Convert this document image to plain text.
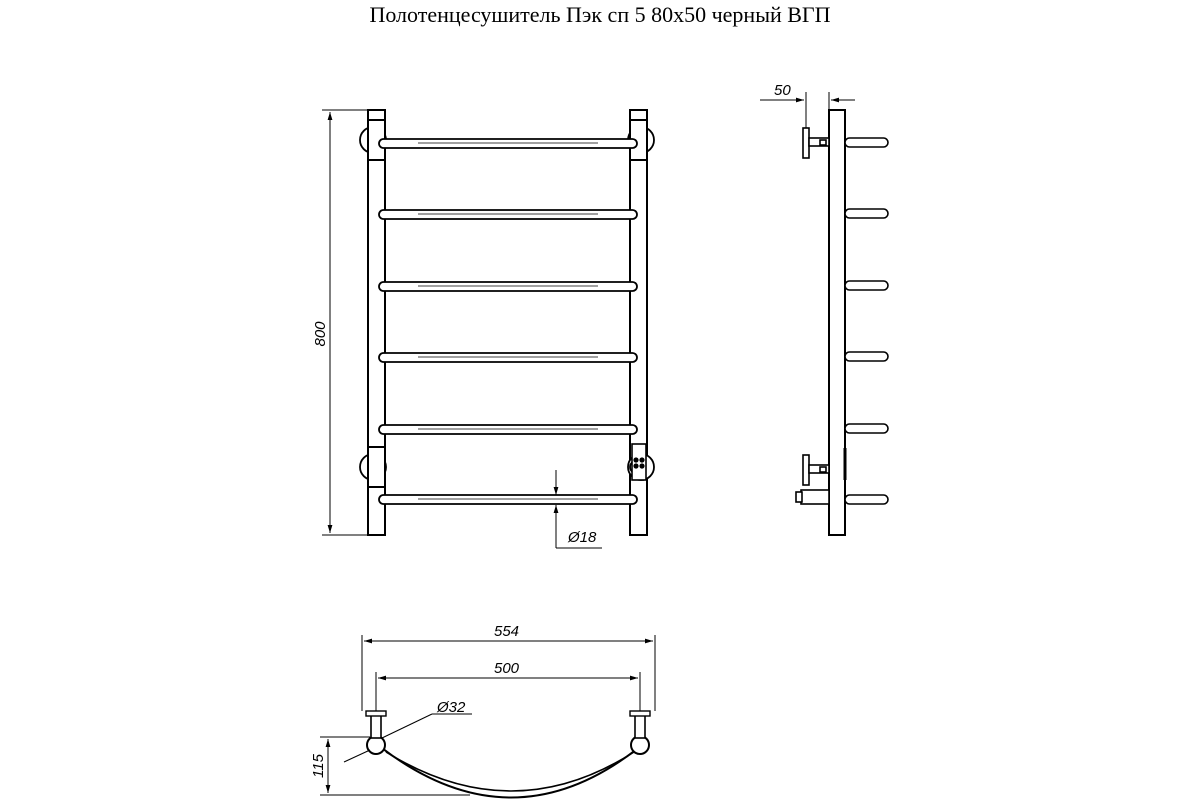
Полотенцесушитель Пэк сп 5 80x50 черный ВГП
800
Ø18
50
554
500
Ø32
115
